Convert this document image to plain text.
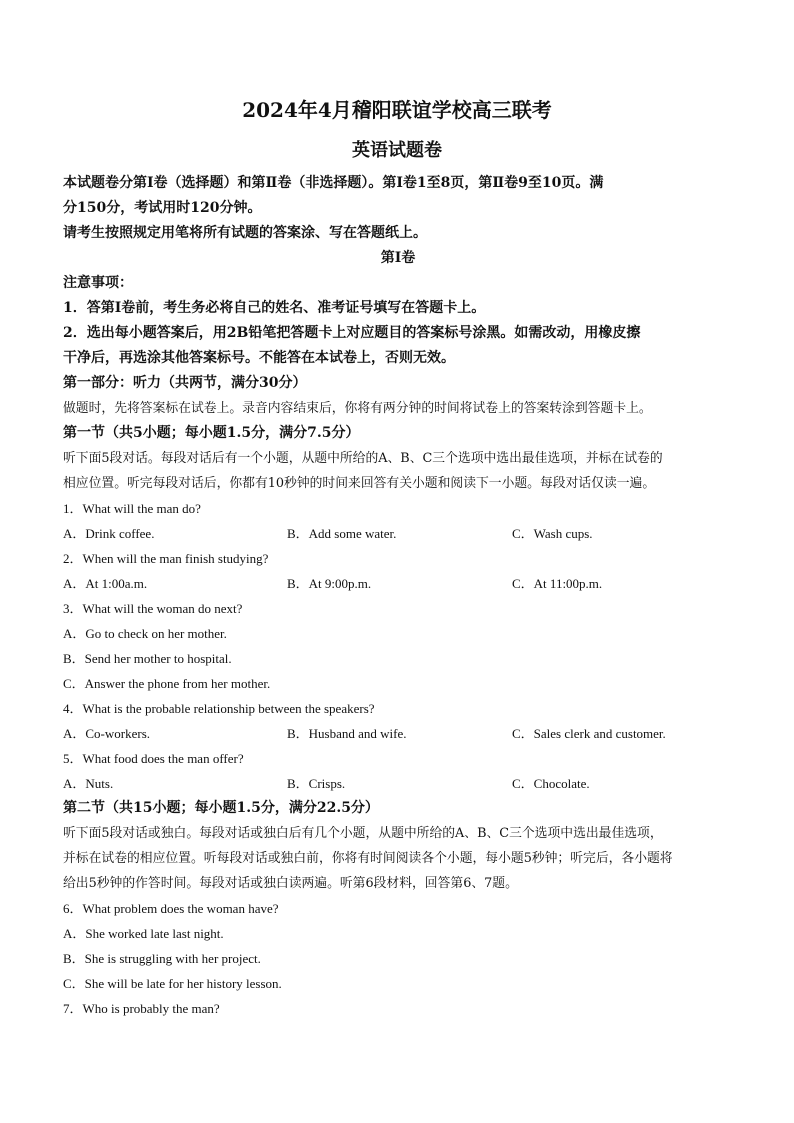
2024年4月稽阳联谊学校高三联考
英语试题卷

本试题卷分第Ⅰ卷（选择题）和第Ⅱ卷（非选择题）。第Ⅰ卷1至8页，第Ⅱ卷9至10页。满

分150分，考试用时120分钟。

请考生按照规定用笔将所有试题的答案涂、写在答题纸上。

第Ⅰ卷

注意事项：

1．答第Ⅰ卷前，考生务必将自己的姓名、准考证号填写在答题卡上。

2．选出每小题答案后，用2B铅笔把答题卡上对应题目的答案标号涂黑。如需改动，用橡皮擦

干净后，再选涂其他答案标号。不能答在本试卷上，否则无效。

第一部分：听力（共两节，满分30分）

做题时，先将答案标在试卷上。录音内容结束后，你将有两分钟的时间将试卷上的答案转涂到答题卡上。

第一节（共5小题；每小题1.5分，满分7.5分）

听下面5段对话。每段对话后有一个小题，从题中所给的A、B、C三个选项中选出最佳选项，并标在试卷的

相应位置。听完每段对话后，你都有10秒钟的时间来回答有关小题和阅读下一小题。每段对话仅读一遍。

1．What will the man do?

A．Drink coffee.	B．Add some water.	C．Wash cups.

2．When will the man finish studying?

A．At 1:00a.m.	B．At 9:00p.m.	C．At 11:00p.m.

3．What will the woman do next?

A．Go to check on her mother.

B．Send her mother to hospital.

C．Answer the phone from her mother.

4．What is the probable relationship between the speakers?

A．Co-workers.	B．Husband and wife.	C．Sales clerk and customer.

5．What food does the man offer?

A．Nuts.	B．Crisps.	C．Chocolate.

第二节（共15小题；每小题1.5分，满分22.5分）

听下面5段对话或独白。每段对话或独白后有几个小题，从题中所给的A、B、C三个选项中选出最佳选项，

并标在试卷的相应位置。听每段对话或独白前，你将有时间阅读各个小题，每小题5秒钟；听完后，各小题将

给出5秒钟的作答时间。每段对话或独白读两遍。听第6段材料，回答第6、7题。

6．What problem does the woman have?

A．She worked late last night.

B．She is struggling with her project.

C．She will be late for her history lesson.

7．Who is probably the man?
